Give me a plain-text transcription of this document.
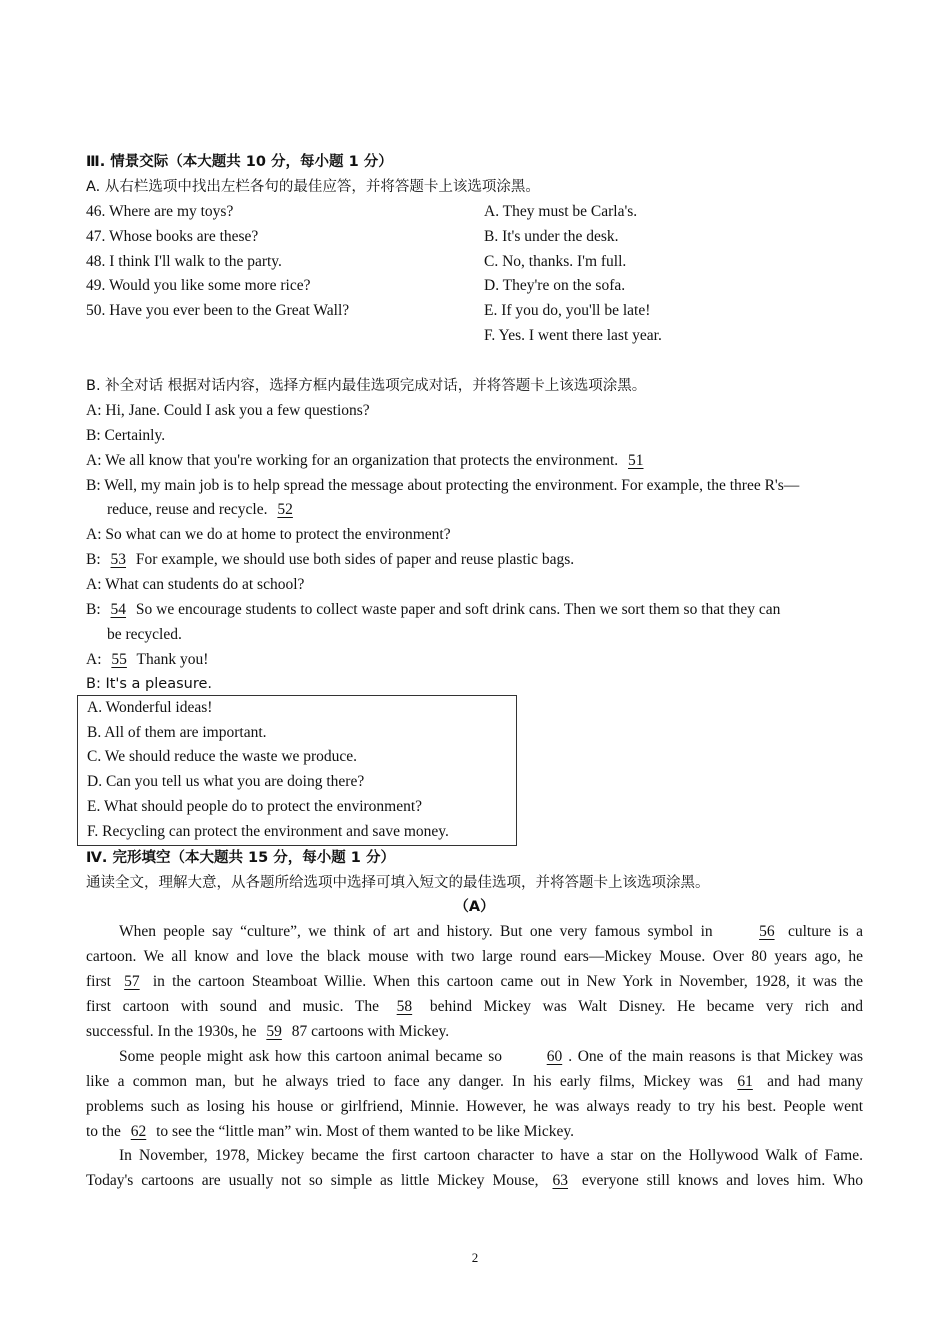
Ⅲ. 情景交际（本大题共 10 分，每小题 1 分）
A. 从右栏选项中找出左栏各句的最佳应答，并将答题卡上该选项涂黑。
46. Where are my toys?	A. They must be Carla's.
47. Whose books are these?	B. It's under the desk.
48. I think I'll walk to the party.	C. No, thanks. I'm full.
49. Would you like some more rice?	D. They're on the sofa.
50. Have you ever been to the Great Wall?	E. If you do, you'll be late!
F. Yes. I went there last year.
B. 补全对话 根据对话内容，选择方框内最佳选项完成对话，并将答题卡上该选项涂黑。
A: Hi, Jane. Could I ask you a few questions?
B: Certainly.
A: We all know that you're working for an organization that protects the environment. 51
B: Well, my main job is to help spread the message about protecting the environment. For example, the three R's—
reduce, reuse and recycle. 52
A: So what can we do at home to protect the environment?
B: 53 For example, we should use both sides of paper and reuse plastic bags.
A: What can students do at school?
B: 54 So we encourage students to collect waste paper and soft drink cans. Then we sort them so that they can
be recycled.
A: 55 Thank you!
B: It's a pleasure.
A. Wonderful ideas!
B. All of them are important.
C. We should reduce the waste we produce.
D. Can you tell us what you are doing there?
E. What should people do to protect the environment?
F. Recycling can protect the environment and save money.
Ⅳ. 完形填空（本大题共 15 分，每小题 1 分）
通读全文，理解大意，从各题所给选项中选择可填入短文的最佳选项，并将答题卡上该选项涂黑。
（A）
When people say “culture”, we think of art and history. But one very famous symbol in	56 culture is a
cartoon. We all know and love the black mouse with two large round ears—Mickey Mouse. Over 80 years ago, he
first 57 in the cartoon Steamboat Willie. When this cartoon came out in New York in November, 1928, it was the
first cartoon with sound and music. The 58 behind Mickey was Walt Disney. He became very rich and
successful. In the 1930s, he 59 87 cartoons with Mickey.
Some people might ask how this cartoon animal became so	60 . One of the main reasons is that Mickey was
like a common man, but he always tried to face any danger. In his early films, Mickey was 61 and had many
problems such as losing his house or girlfriend, Minnie. However, he was always ready to try his best. People went
to the 62 to see the “little man” win. Most of them wanted to be like Mickey.
In November, 1978, Mickey became the first cartoon character to have a star on the Hollywood Walk of Fame.
Today's cartoons are usually not so simple as little Mickey Mouse, 63 everyone still knows and loves him. Who
2
